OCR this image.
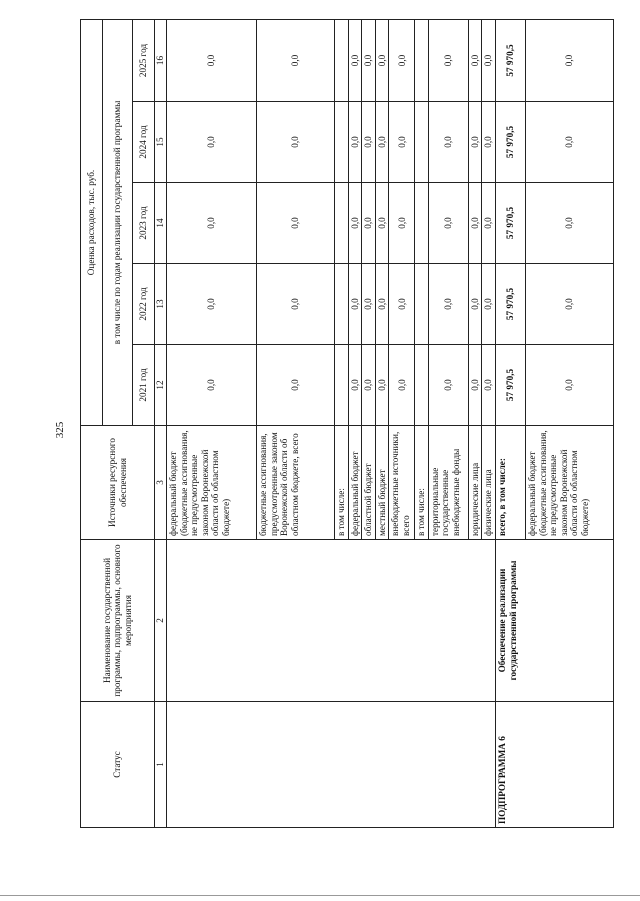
325
Статус	Наименование государственной программы, подпрограммы, основного мероприятия	Источники ресурсного обеспечения	Оценка расходов, тыс. руб.				
			в том числе по годам реализации государственной программы				
			2021 год	2022 год	2023 год	2024 год	2025 год
1	2	3	12	13	14	15	16
		федеральный бюджет (бюджетные ассигнования, не предусмотренные законом Воронежской области об областном бюджете)	0,0	0,0	0,0	0,0	0,0
		бюджетные ассигнования, предусмотренные законом Воронежской области об областном бюджете, всего	0,0	0,0	0,0	0,0	0,0
		в том числе:					
		федеральный бюджет	0,0	0,0	0,0	0,0	0,0
		областной бюджет	0,0	0,0	0,0	0,0	0,0
		местный бюджет	0,0	0,0	0,0	0,0	0,0
		внебюджетные источники, всего	0,0	0,0	0,0	0,0	0,0
		в том числе:					
		территориальные государственные внебюджетные фонды	0,0	0,0	0,0	0,0	0,0
		юридические лица	0,0	0,0	0,0	0,0	0,0
		физические лица	0,0	0,0	0,0	0,0	0,0
ПОДПРОГРАММА 6	Обеспечение реализации государственной программы	всего, в том числе:	57 970,5	57 970,5	57 970,5	57 970,5	57 970,5
		федеральный бюджет (бюджетные ассигнования, не предусмотренные законом Воронежской области об областном бюджете)	0,0	0,0	0,0	0,0	0,0
